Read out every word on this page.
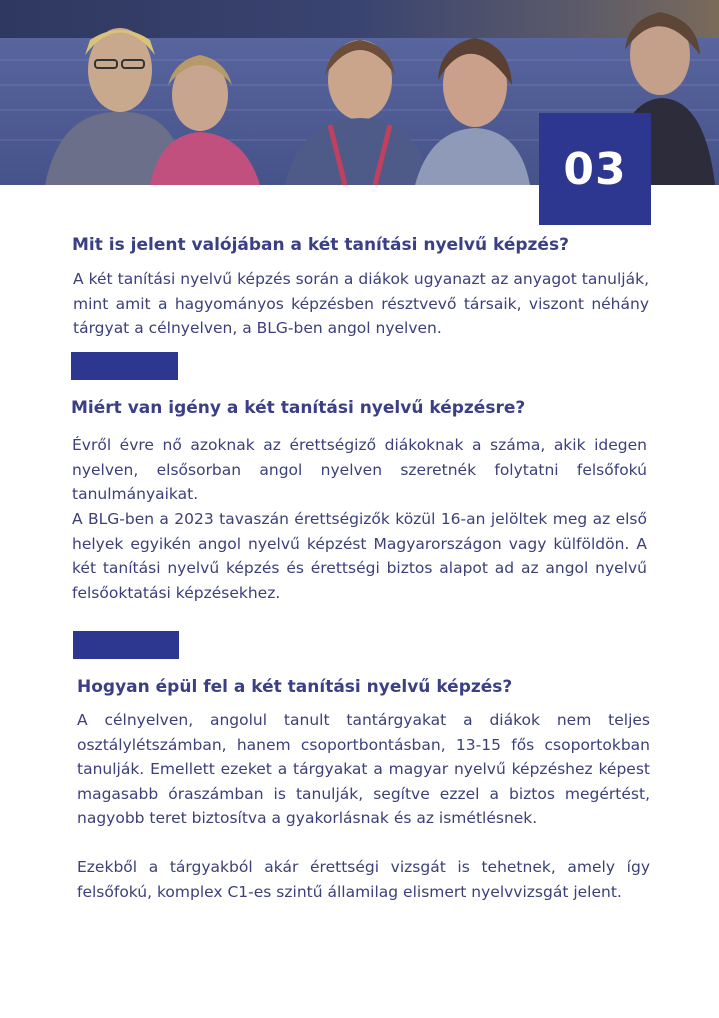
03
Mit is jelent valójában a két tanítási nyelvű képzés?

A két tanítási nyelvű képzés során a diákok ugyanazt az anyagot tanulják, mint amit a hagyományos képzésben résztvevő társaik, viszont néhány tárgyat a célnyelven, a BLG-ben angol nyelven.

Miért van igény a két tanítási nyelvű képzésre?

Évről évre nő azoknak az érettségiző diákoknak a száma, akik idegen nyelven, elsősorban angol nyelven szeretnék folytatni felsőfokú tanulmányaikat.

A BLG-ben a 2023 tavaszán érettségizők közül 16-an jelöltek meg az első helyek egyikén angol nyelvű képzést Magyarországon vagy külföldön. A két tanítási nyelvű képzés és érettségi biztos alapot ad az angol nyelvű felsőoktatási képzésekhez.

Hogyan épül fel a két tanítási nyelvű képzés?

A célnyelven, angolul tanult tantárgyakat a diákok nem teljes osztálylétszámban, hanem csoportbontásban, 13-15 fős csoportokban tanulják. Emellett ezeket a tárgyakat a magyar nyelvű képzéshez képest magasabb óraszámban is tanulják, segítve ezzel a biztos megértést, nagyobb teret biztosítva a gyakorlásnak és az ismétlésnek.

Ezekből a tárgyakból akár érettségi vizsgát is tehetnek, amely így felsőfokú, komplex C1-es szintű államilag elismert nyelvvizsgát jelent.
